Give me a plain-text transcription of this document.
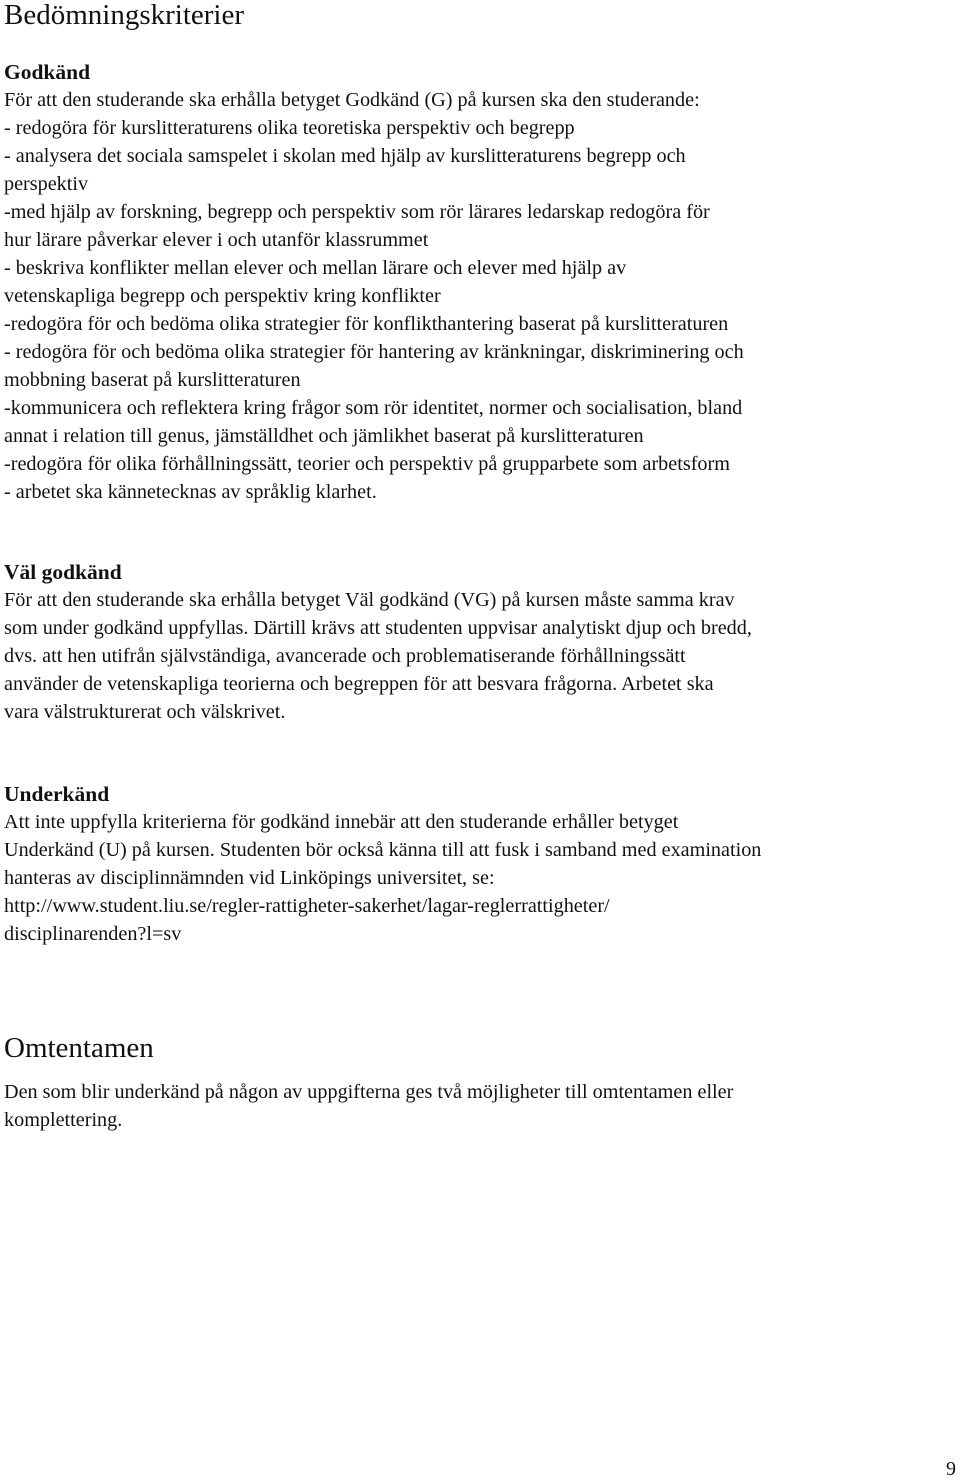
Bedömningskriterier
Godkänd
För att den studerande ska erhålla betyget Godkänd (G) på kursen ska den studerande:
- redogöra för kurslitteraturens olika teoretiska perspektiv och begrepp
- analysera det sociala samspelet i skolan med hjälp av kurslitteraturens begrepp och
perspektiv
-med hjälp av forskning, begrepp och perspektiv som rör lärares ledarskap redogöra för
hur lärare påverkar elever i och utanför klassrummet
- beskriva konflikter mellan elever och mellan lärare och elever med hjälp av
vetenskapliga begrepp och perspektiv kring konflikter
-redogöra för och bedöma olika strategier för konflikthantering baserat på kurslitteraturen
- redogöra för och bedöma olika strategier för hantering av kränkningar, diskriminering och
mobbning baserat på kurslitteraturen
-kommunicera och reflektera kring frågor som rör identitet, normer och socialisation, bland
annat i relation till genus, jämställdhet och jämlikhet baserat på kurslitteraturen
-redogöra för olika förhållningssätt, teorier och perspektiv på grupparbete som arbetsform
- arbetet ska kännetecknas av språklig klarhet.
Väl godkänd
För att den studerande ska erhålla betyget Väl godkänd (VG) på kursen måste samma krav
som under godkänd uppfyllas. Därtill krävs att studenten uppvisar analytiskt djup och bredd,
dvs. att hen utifrån självständiga, avancerade och problematiserande förhållningssätt
använder de vetenskapliga teorierna och begreppen för att besvara frågorna. Arbetet ska
vara välstrukturerat och välskrivet.
Underkänd
Att inte uppfylla kriterierna för godkänd innebär att den studerande erhåller betyget
Underkänd (U) på kursen. Studenten bör också känna till att fusk i samband med examination
hanteras av disciplinnämnden vid Linköpings universitet, se:
http://www.student.liu.se/regler-rattigheter-sakerhet/lagar-reglerrattigheter/
disciplinarenden?l=sv
Omtentamen
Den som blir underkänd på någon av uppgifterna ges två möjligheter till omtentamen eller
komplettering.
9
